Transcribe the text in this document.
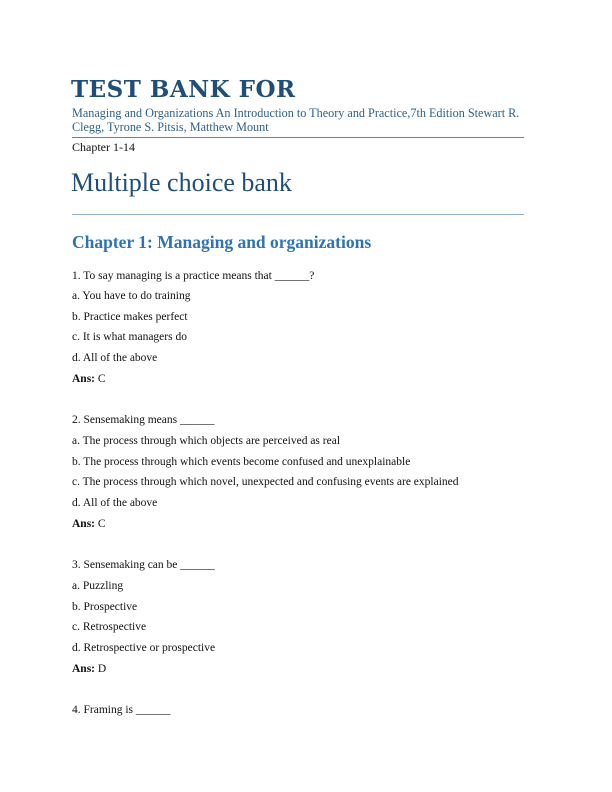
TEST BANK FOR
Managing and Organizations An Introduction to Theory and Practice,7th Edition Stewart R. Clegg, Tyrone S. Pitsis, Matthew Mount
Chapter 1-14
Multiple choice bank
Chapter 1: Managing and organizations
1. To say managing is a practice means that ______?
a. You have to do training
b. Practice makes perfect
c. It is what managers do
d. All of the above
Ans: C
2. Sensemaking means ______
a. The process through which objects are perceived as real
b. The process through which events become confused and unexplainable
c. The process through which novel, unexpected and confusing events are explained
d. All of the above
Ans: C
3. Sensemaking can be ______
a. Puzzling
b. Prospective
c. Retrospective
d. Retrospective or prospective
Ans: D
4. Framing is ______
